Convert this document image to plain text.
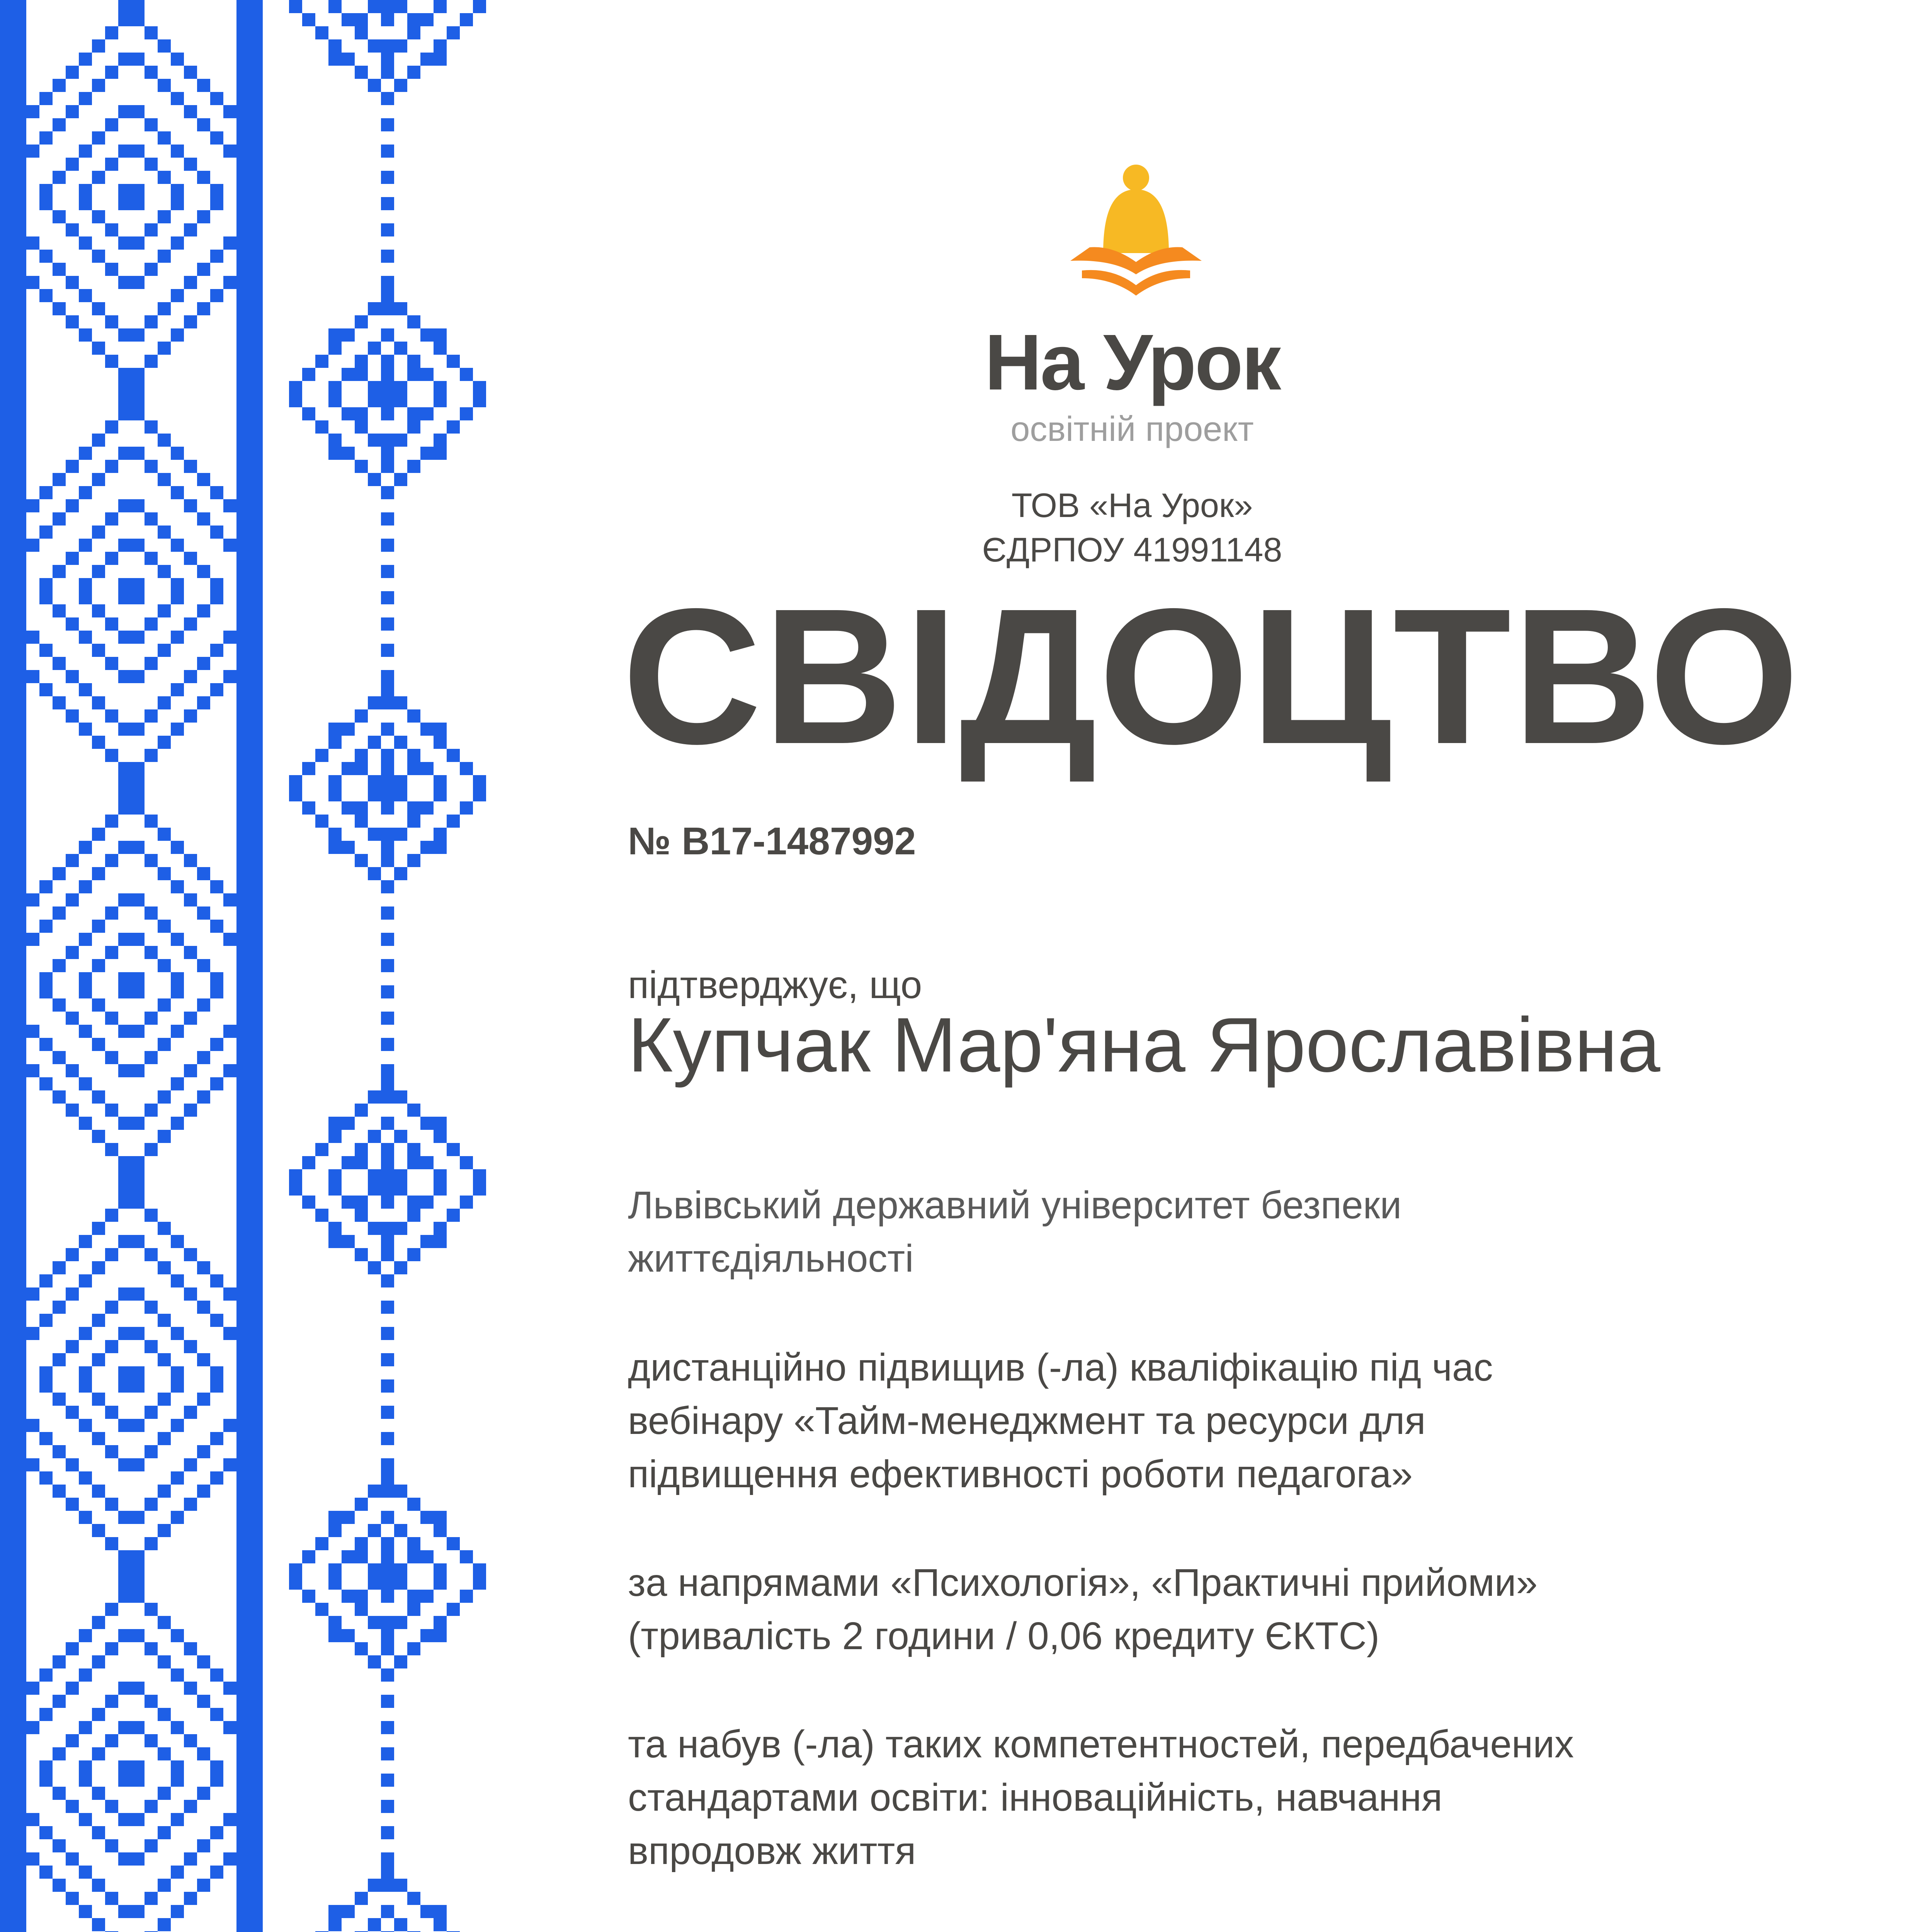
На Урок
освітній проект
ТОВ «На Урок»
ЄДРПОУ 41991148
СВІДОЦТВО
№ В17-1487992
підтверджує, що
Купчак Мар'яна Ярославівна
Львівський державний університет безпеки
життєдіяльності
дистанційно підвищив (-ла) кваліфікацію під час
вебінару «Тайм-менеджмент та ресурси для
підвищення ефективності роботи педагога»
за напрямами «Психологія», «Практичні прийоми»
(тривалість 2 години / 0,06 кредиту ЄКТС)
та набув (-ла) таких компетентностей, передбачених
стандартами освіти: інноваційність, навчання
впродовж життя
